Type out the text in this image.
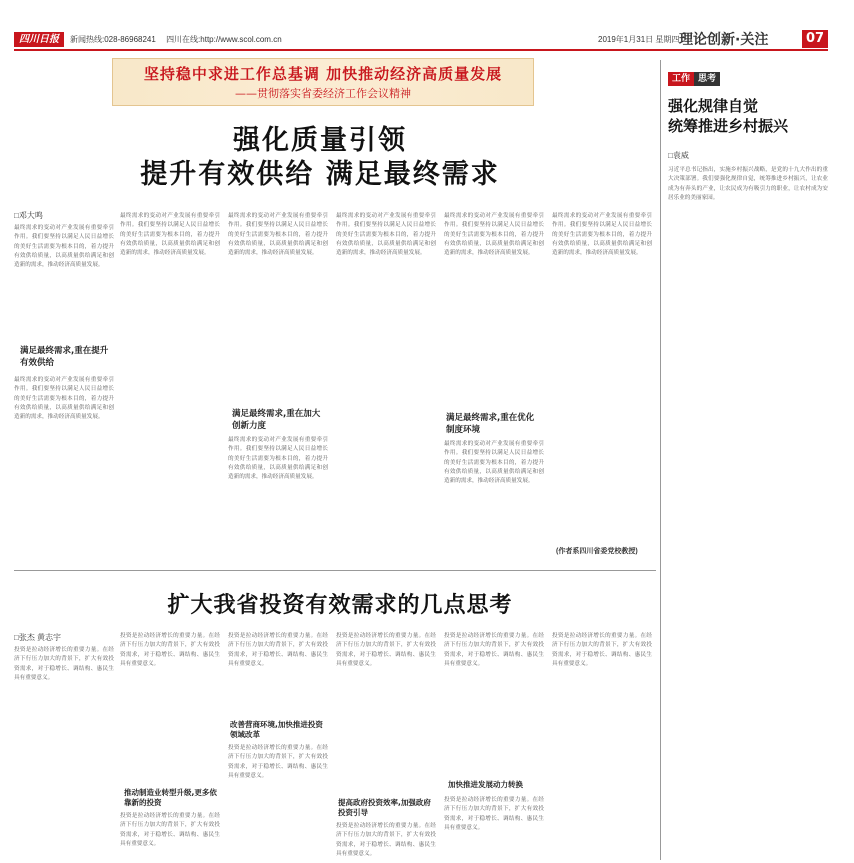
四川日报	新闻热线:028-86968241 四川在线:http://www.scol.com.cn	2019年1月31日 星期四 理论创新·关注	07
坚持稳中求进工作总基调 加快推动经济高质量发展
——贯彻落实省委经济工作会议精神
强化质量引领
提升有效供给 满足最终需求
□邓大鸣
最终需求的变动对产业发展有重要牵引作用。我们要坚持以满足人民日益增长的美好生活需要为根本目的，着力提升有效供给质量，以高质量供给满足和创造新的需求，推动经济高质量发展。
满足最终需求,重在提升有效供给
最终需求的变动对产业发展有重要牵引作用。我们要坚持以满足人民日益增长的美好生活需要为根本目的，着力提升有效供给质量，以高质量供给满足和创造新的需求，推动经济高质量发展。
最终需求的变动对产业发展有重要牵引作用。我们要坚持以满足人民日益增长的美好生活需要为根本目的，着力提升有效供给质量，以高质量供给满足和创造新的需求，推动经济高质量发展。
最终需求的变动对产业发展有重要牵引作用。我们要坚持以满足人民日益增长的美好生活需要为根本目的，着力提升有效供给质量，以高质量供给满足和创造新的需求，推动经济高质量发展。
满足最终需求,重在加大创新力度
最终需求的变动对产业发展有重要牵引作用。我们要坚持以满足人民日益增长的美好生活需要为根本目的，着力提升有效供给质量，以高质量供给满足和创造新的需求，推动经济高质量发展。
最终需求的变动对产业发展有重要牵引作用。我们要坚持以满足人民日益增长的美好生活需要为根本目的，着力提升有效供给质量，以高质量供给满足和创造新的需求，推动经济高质量发展。
最终需求的变动对产业发展有重要牵引作用。我们要坚持以满足人民日益增长的美好生活需要为根本目的，着力提升有效供给质量，以高质量供给满足和创造新的需求，推动经济高质量发展。
满足最终需求,重在优化制度环境
最终需求的变动对产业发展有重要牵引作用。我们要坚持以满足人民日益增长的美好生活需要为根本目的，着力提升有效供给质量，以高质量供给满足和创造新的需求，推动经济高质量发展。
最终需求的变动对产业发展有重要牵引作用。我们要坚持以满足人民日益增长的美好生活需要为根本目的，着力提升有效供给质量，以高质量供给满足和创造新的需求，推动经济高质量发展。
(作者系四川省委党校教授)
扩大我省投资有效需求的几点思考
□张杰 黄志宇
投资是拉动经济增长的重要力量。在经济下行压力加大的背景下，扩大有效投资需求，对于稳增长、调结构、惠民生具有重要意义。
投资是拉动经济增长的重要力量。在经济下行压力加大的背景下，扩大有效投资需求，对于稳增长、调结构、惠民生具有重要意义。
推动制造业转型升级,更多依靠新的投资
投资是拉动经济增长的重要力量。在经济下行压力加大的背景下，扩大有效投资需求，对于稳增长、调结构、惠民生具有重要意义。
投资是拉动经济增长的重要力量。在经济下行压力加大的背景下，扩大有效投资需求，对于稳增长、调结构、惠民生具有重要意义。
改善营商环境,加快推进投资领域改革
投资是拉动经济增长的重要力量。在经济下行压力加大的背景下，扩大有效投资需求，对于稳增长、调结构、惠民生具有重要意义。
投资是拉动经济增长的重要力量。在经济下行压力加大的背景下，扩大有效投资需求，对于稳增长、调结构、惠民生具有重要意义。
提高政府投资效率,加强政府投资引导
投资是拉动经济增长的重要力量。在经济下行压力加大的背景下，扩大有效投资需求，对于稳增长、调结构、惠民生具有重要意义。
投资是拉动经济增长的重要力量。在经济下行压力加大的背景下，扩大有效投资需求，对于稳增长、调结构、惠民生具有重要意义。
加快推进发展动力转换
投资是拉动经济增长的重要力量。在经济下行压力加大的背景下，扩大有效投资需求，对于稳增长、调结构、惠民生具有重要意义。
投资是拉动经济增长的重要力量。在经济下行压力加大的背景下，扩大有效投资需求，对于稳增长、调结构、惠民生具有重要意义。
工作 思考
强化规律自觉
统筹推进乡村振兴
□袁威
习近平总书记指出，实施乡村振兴战略，是党的十九大作出的重大决策部署。我们要强化规律自觉，统筹推进乡村振兴，让农业成为有奔头的产业，让农民成为有吸引力的职业，让农村成为安居乐业的美丽家园。
